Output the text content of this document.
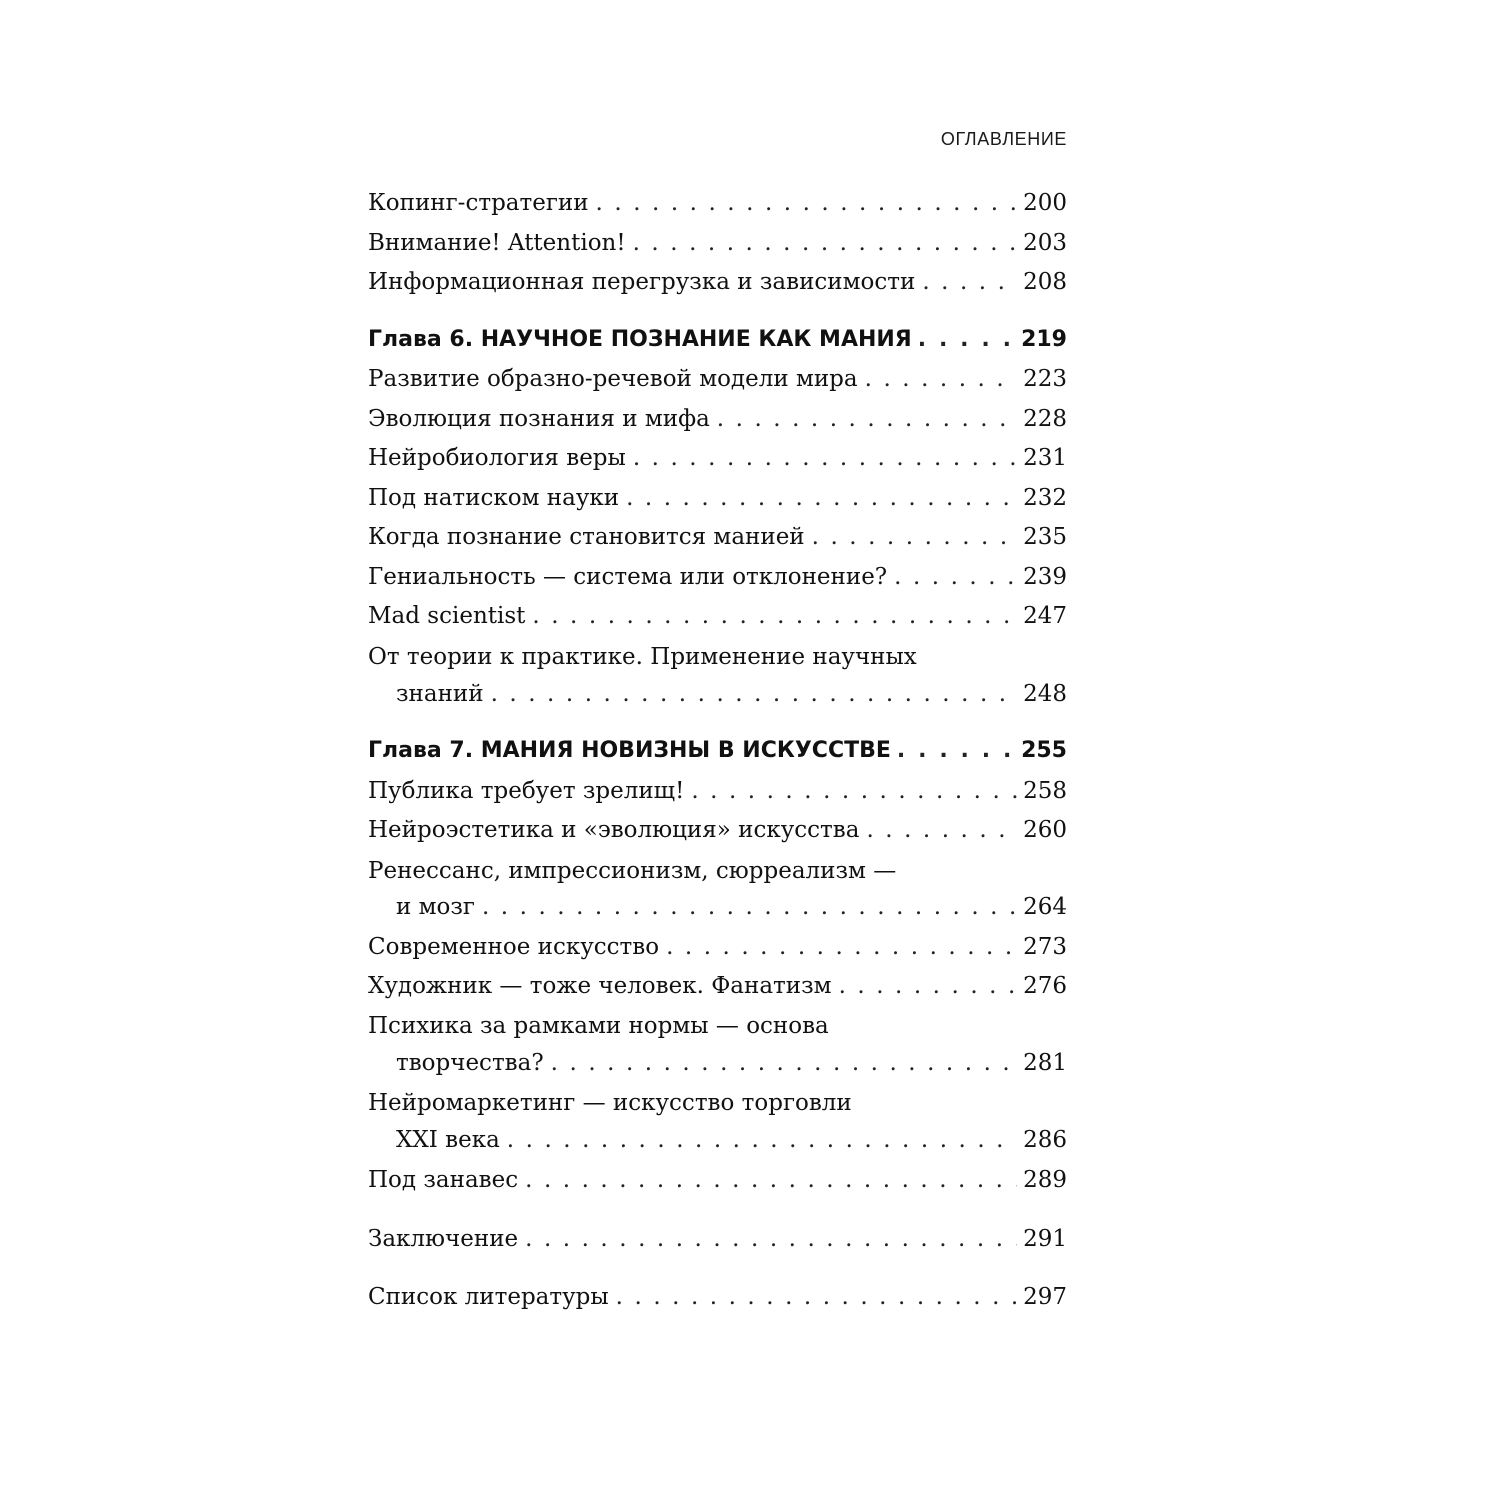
ОГЛАВЛЕНИЕ
Копинг-стратегии . . .	200
Внимание! Attention! . . .	203
Информационная перегрузка и зависимости . . .	208
Глава 6. НАУЧНОЕ ПОЗНАНИЕ КАК МАНИЯ . . .	219
Развитие образно-речевой модели мира . . .	223
Эволюция познания и мифа . . .	228
Нейробиология веры . . .	231
Под натиском науки . . .	232
Когда познание становится манией . . .	235
Гениальность — система или отклонение? . . .	239
Mad scientist . . .	247
От теории к практике. Применение научных
знаний . . .	248
Глава 7. МАНИЯ НОВИЗНЫ В ИСКУССТВЕ . . .	255
Публика требует зрелищ! . . .	258
Нейроэстетика и «эволюция» искусства . . .	260
Ренессанс, импрессионизм, сюрреализм —
и мозг . . .	264
Современное искусство . . .	273
Художник — тоже человек. Фанатизм . . .	276
Психика за рамками нормы — основа
творчества? . . .	281
Нейромаркетинг — искусство торговли
XXI века . . .	286
Под занавес . . .	289
Заключение . . .	291
Список литературы . . .	297
